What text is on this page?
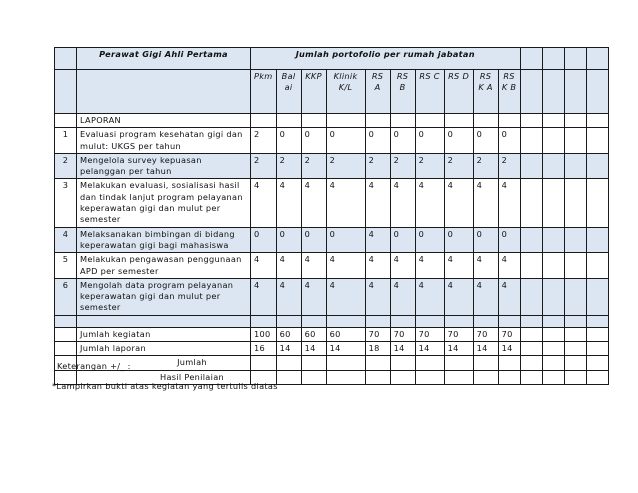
	Perawat Gigi Ahli Pertama	Jumlah portofolio per rumah jabatan													
		Pkm	Bal ai	KKP	Klinik K/L	RS A	RS B	RS C	RS D	RS K A	RS K B				
	LAPORAN														
1	Evaluasi program kesehatan gigi dan mulut: UKGS per tahun	2	0	0	0	0	0	0	0	0	0				
2	Mengelola survey kepuasan pelanggan per tahun	2	2	2	2	2	2	2	2	2	2				
3	Melakukan evaluasi, sosialisasi hasil dan tindak lanjut program pelayanan keperawatan gigi dan mulut per semester	4	4	4	4	4	4	4	4	4	4				
4	Melaksanakan bimbingan di bidang keperawatan gigi bagi mahasiswa	0	0	0	0	4	0	0	0	0	0				
5	Melakukan pengawasan penggunaan APD per semester	4	4	4	4	4	4	4	4	4	4				
6	Mengolah data program pelayanan keperawatan gigi dan mulut per semester	4	4	4	4	4	4	4	4	4	4				

	Jumlah kegiatan	100	60	60	60	70	70	70	70	70	70				
	Jumlah laporan	16	14	14	14	18	14	14	14	14	14				
	Jumlah														
	Hasil Penilaian														
Keterangan +/_ :
*Lampirkan bukti atas kegiatan yang tertulis diatas
